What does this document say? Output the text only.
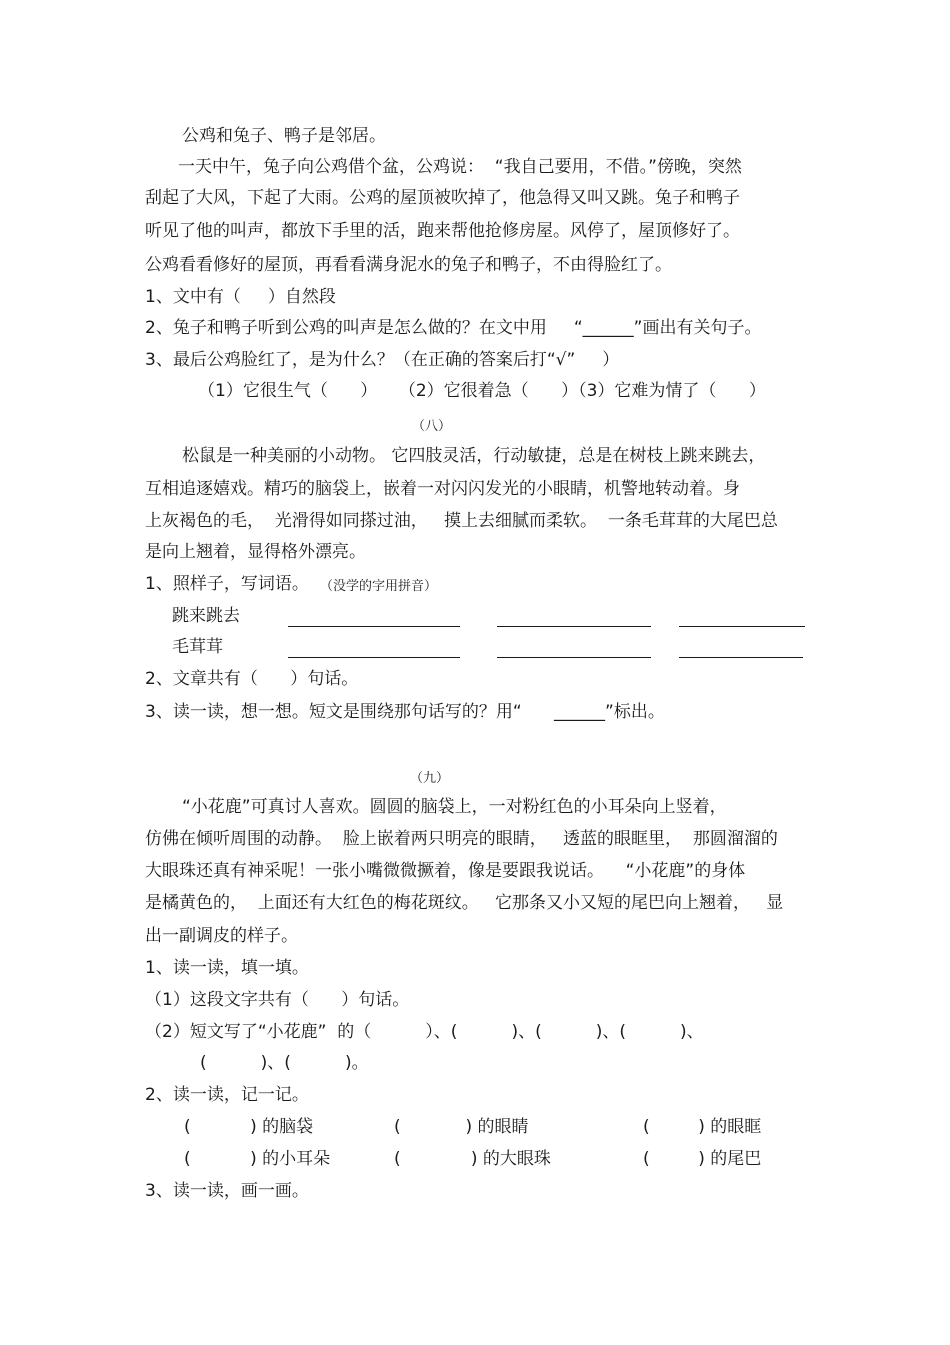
公鸡和兔子、鸭子是邻居。
一天中午，兔子向公鸡借个盆，公鸡说：  “我自己要用，不借。”傍晚，突然
刮起了大风，下起了大雨。公鸡的屋顶被吹掉了，他急得又叫又跳。兔子和鸭子
听见了他的叫声，都放下手里的活，跑来帮他抢修房屋。风停了，屋顶修好了。
公鸡看看修好的屋顶，再看看满身泥水的兔子和鸭子，不由得脸红了。
1、文中有（     ）自然段
2、兔子和鸭子听到公鸡的叫声是怎么做的？在文中用     “______”画出有关句子。
3、最后公鸡脸红了，是为什么？（在正确的答案后打“√”     ）
（1）它很生气（      ）    （2）它很着急（      ）（3）它难为情了（      ）
（八）
松鼠是一种美丽的小动物。 它四肢灵活，行动敏捷，总是在树枝上跳来跳去，
互相追逐嬉戏。精巧的脑袋上，嵌着一对闪闪发光的小眼睛，机警地转动着。身
上灰褐色的毛，  光滑得如同搽过油，   摸上去细腻而柔软。  一条毛茸茸的大尾巴总
是向上翘着，显得格外漂亮。
1、照样子，写词语。 （没学的字用拼音）
跳来跳去
毛茸茸
2、文章共有（      ）句话。
3、读一读，想一想。短文是围绕那句话写的？用“      ______”标出。
（九）
“小花鹿”可真讨人喜欢。圆圆的脑袋上，一对粉红色的小耳朵向上竖着，
仿佛在倾听周围的动静。  脸上嵌着两只明亮的眼睛，   透蓝的眼眶里，  那圆溜溜的
大眼珠还真有神采呢！一张小嘴微微撅着，像是要跟我说话。    “小花鹿”的身体
是橘黄色的，  上面还有大红色的梅花斑纹。   它那条又小又短的尾巴向上翘着，   显
出一副调皮的样子。
1、读一读，填一填。
（1）这段文字共有（      ）句话。
（2）短文写了“小花鹿”  的（          ）、(          )、(          )、(          )、
(          )、(          )。
2、读一读，记一记。
(           ) 的脑袋	(            ) 的眼睛	(         ) 的眼眶
(           ) 的小耳朵	(             ) 的大眼珠	(         ) 的尾巴
3、读一读，画一画。
